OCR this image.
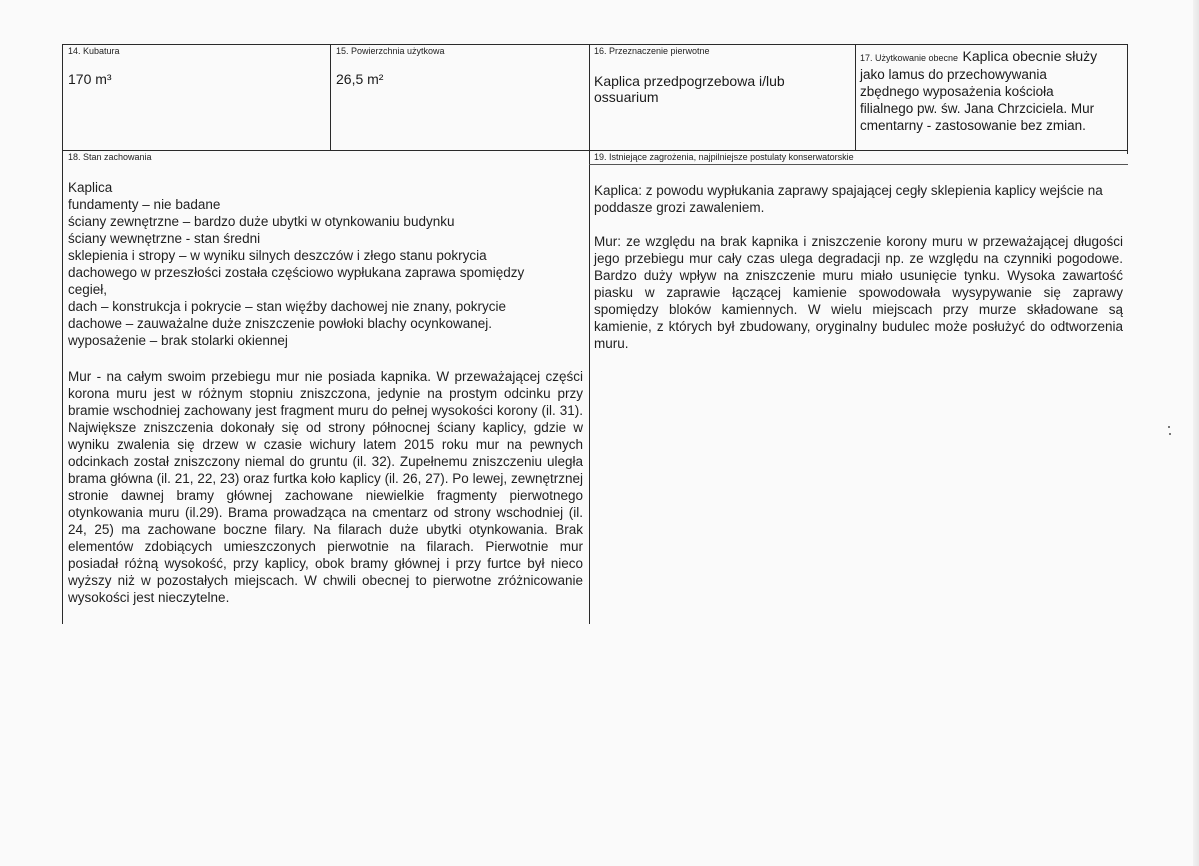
14. Kubatura
170 m³
15. Powierzchnia użytkowa
26,5 m²
16. Przeznaczenie pierwotne
Kaplica przedpogrzebowa i/lub ossuarium
17. Użytkowanie obecne Kaplica obecnie służy
jako lamus do przechowywania
zbędnego wyposażenia kościoła
filialnego pw. św. Jana Chrzciciela. Mur
cmentarny - zastosowanie bez zmian.
18. Stan zachowania
Kaplica
fundamenty – nie badane
ściany zewnętrzne – bardzo duże ubytki w otynkowaniu budynku
ściany wewnętrzne - stan średni
sklepienia i stropy – w wyniku silnych deszczów i złego stanu pokrycia
dachowego w przeszłości została częściowo wypłukana zaprawa spomiędzy
cegieł,
dach – konstrukcja i pokrycie – stan więźby dachowej nie znany, pokrycie
dachowe – zauważalne duże zniszczenie powłoki blachy ocynkowanej.
wyposażenie – brak stolarki okiennej

Mur - na całym swoim przebiegu mur nie posiada kapnika. W przeważającej części korona muru jest w różnym stopniu zniszczona, jedynie na prostym odcinku przy bramie wschodniej zachowany jest fragment muru do pełnej wysokości korony (il. 31). Największe zniszczenia dokonały się od strony północnej ściany kaplicy, gdzie w wyniku zwalenia się drzew w czasie wichury latem 2015 roku mur na pewnych odcinkach został zniszczony niemal do gruntu (il. 32). Zupełnemu zniszczeniu uległa brama główna (il. 21, 22, 23) oraz furtka koło kaplicy (il. 26, 27). Po lewej, zewnętrznej stronie dawnej bramy głównej zachowane niewielkie fragmenty pierwotnego otynkowania muru (il.29). Brama prowadząca na cmentarz od strony wschodniej (il. 24, 25) ma zachowane boczne filary. Na filarach duże ubytki otynkowania. Brak elementów zdobiących umieszczonych pierwotnie na filarach. Pierwotnie mur posiadał różną wysokość, przy kaplicy, obok bramy głównej i przy furtce był nieco wyższy niż w pozostałych miejscach. W chwili obecnej to pierwotne zróżnicowanie wysokości jest nieczytelne.

19. Istniejące zagrożenia, najpilniejsze postulaty konserwatorskie

Kaplica: z powodu wypłukania zaprawy spajającej cegły sklepienia kaplicy wejście na poddasze grozi zawaleniem.

Mur: ze względu na brak kapnika i zniszczenie korony muru w przeważającej długości jego przebiegu mur cały czas ulega degradacji np. ze względu na czynniki pogodowe. Bardzo duży wpływ na zniszczenie muru miało usunięcie tynku. Wysoka zawartość piasku w zaprawie łączącej kamienie spowodowała wysypywanie się zaprawy spomiędzy bloków kamiennych. W wielu miejscach przy murze składowane są kamienie, z których był zbudowany, oryginalny budulec może posłużyć do odtworzenia muru.
